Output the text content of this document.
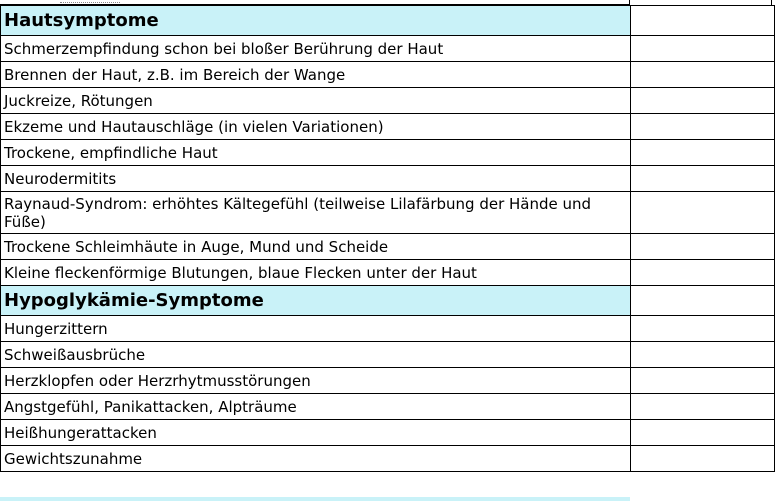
Hautsymptome	
Schmerzempfindung schon bei bloßer Berührung der Haut	
Brennen der Haut, z.B. im Bereich der Wange	
Juckreize, Rötungen	
Ekzeme und Hautauschläge (in vielen Variationen)	
Trockene, empfindliche Haut	
Neurodermitits	
Raynaud-Syndrom: erhöhtes Kältegefühl (teilweise Lilafärbung der Hände und Füße)	
Trockene Schleimhäute in Auge, Mund und Scheide	
Kleine fleckenförmige Blutungen, blaue Flecken unter der Haut	
Hypoglykämie-Symptome	
Hungerzittern	
Schweißausbrüche	
Herzklopfen oder Herzrhytmusstörungen	
Angstgefühl, Panikattacken, Alpträume	
Heißhungerattacken	
Gewichtszunahme	
